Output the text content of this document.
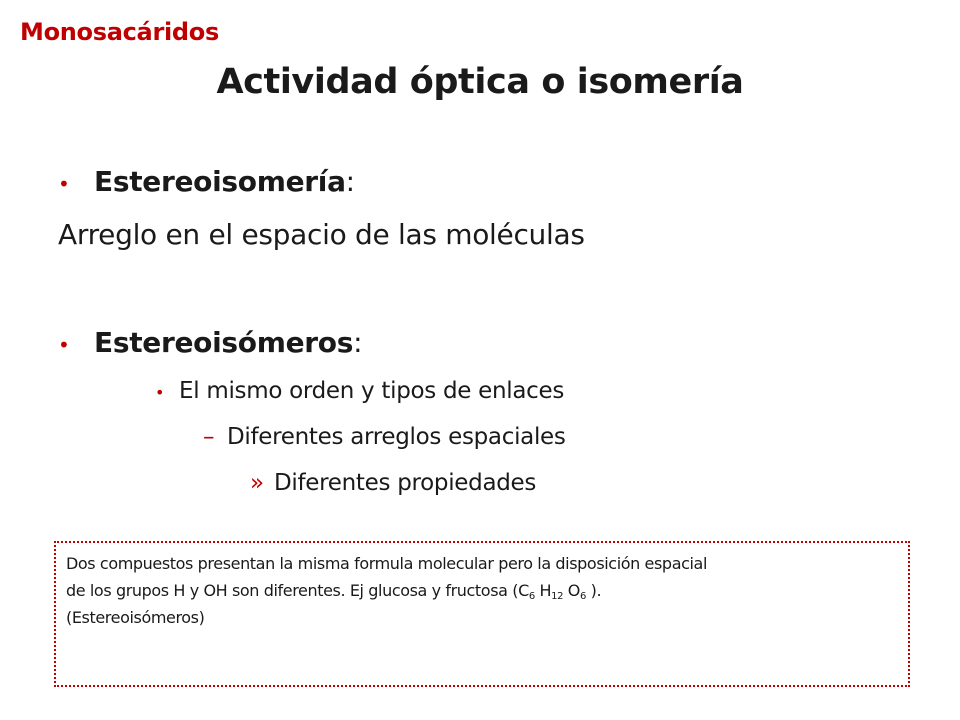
Monosacáridos
Actividad óptica o isomería
• Estereoisomería:
Arreglo en el espacio de las moléculas
• Estereoisómeros:
• El mismo orden y tipos de enlaces
– Diferentes arreglos espaciales
» Diferentes propiedades
Dos compuestos presentan la misma formula molecular pero la disposición espacial
de los grupos H y OH son diferentes. Ej glucosa y fructosa ($C_6$ $H_{12}$ $O_6$ ).
(Estereoisómeros)
